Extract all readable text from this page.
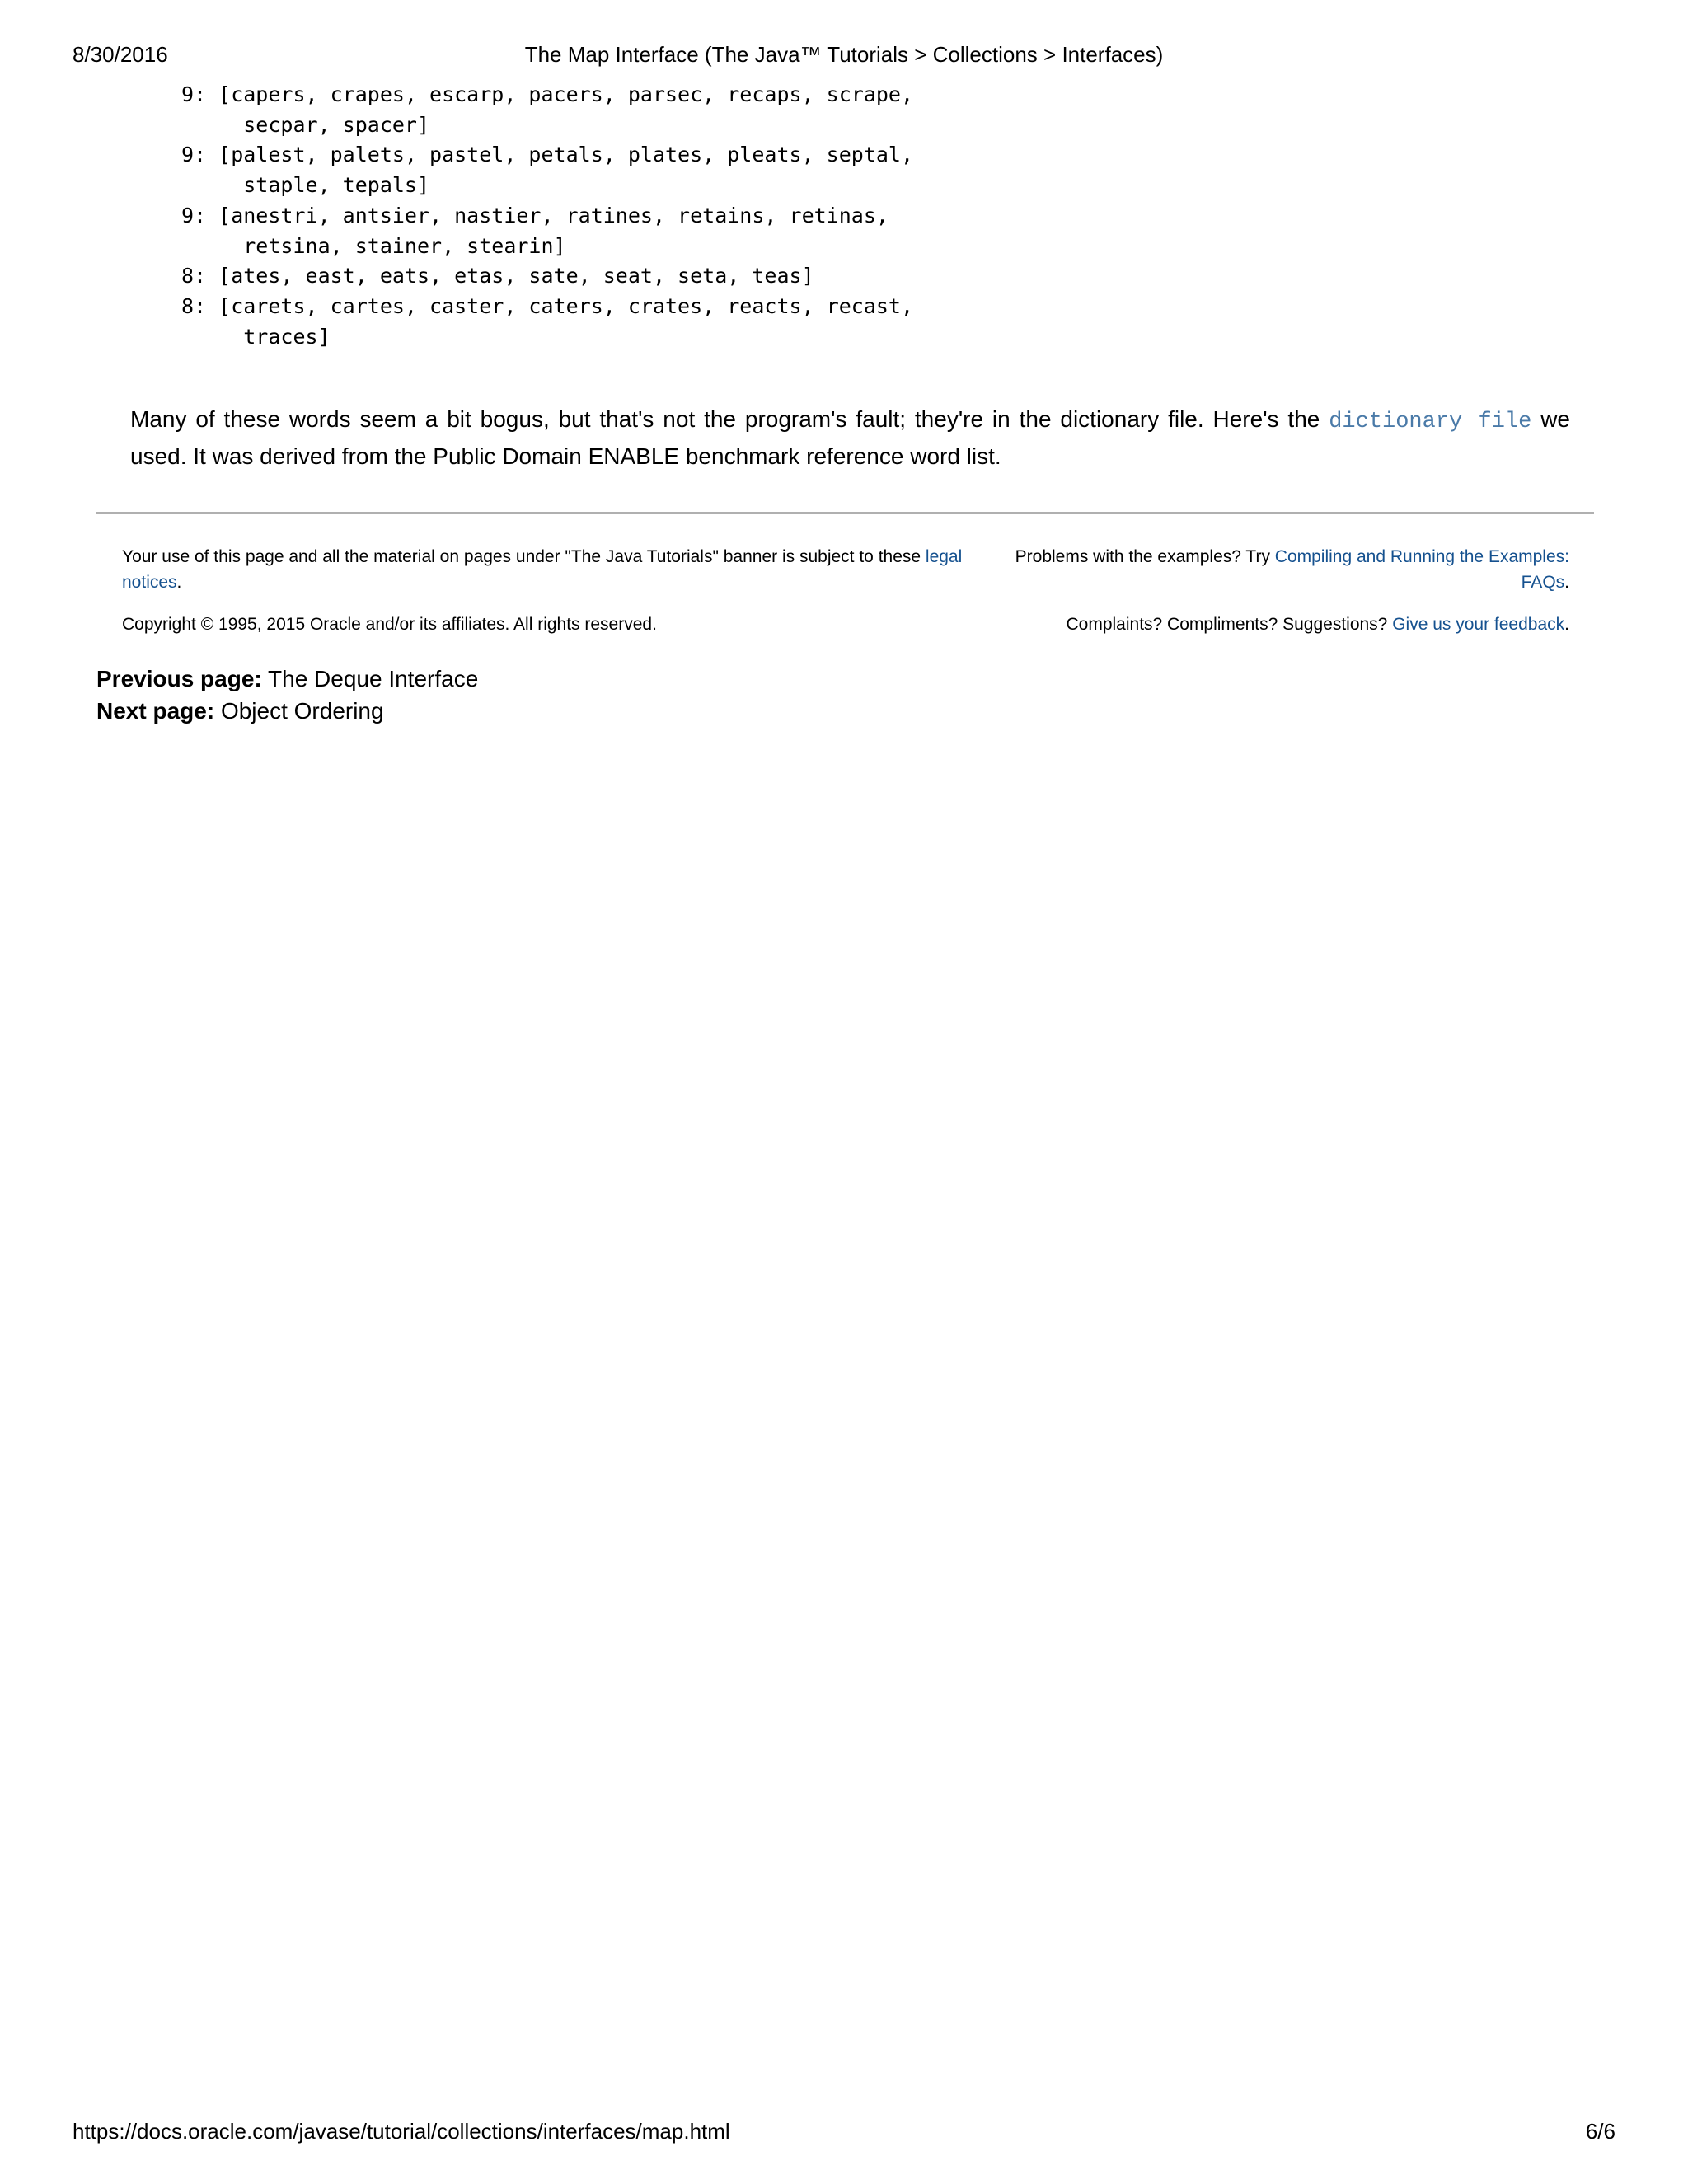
8/30/2016	The Map Interface (The Java™ Tutorials > Collections > Interfaces)
9: [capers, crapes, escarp, pacers, parsec, recaps, scrape,
secpar, spacer]
9: [palest, palets, pastel, petals, plates, pleats, septal,
staple, tepals]
9: [anestri, antsier, nastier, ratines, retains, retinas,
retsina, stainer, stearin]
8: [ates, east, eats, etas, sate, seat, seta, teas]
8: [carets, cartes, caster, caters, crates, reacts, recast,
traces]

Many of these words seem a bit bogus, but that's not the program's fault; they're in the dictionary file. Here's the dictionary file we used. It was derived from the Public Domain ENABLE benchmark reference word list.

Your use of this page and all the material on pages under "The Java Tutorials" banner is subject to these legal notices.
Problems with the examples? Try Compiling and Running the Examples: FAQs.
Copyright © 1995, 2015 Oracle and/or its affiliates. All rights reserved.	Complaints? Compliments? Suggestions? Give us your feedback.
Previous page: The Deque Interface
Next page: Object Ordering
https://docs.oracle.com/javase/tutorial/collections/interfaces/map.html	6/6
